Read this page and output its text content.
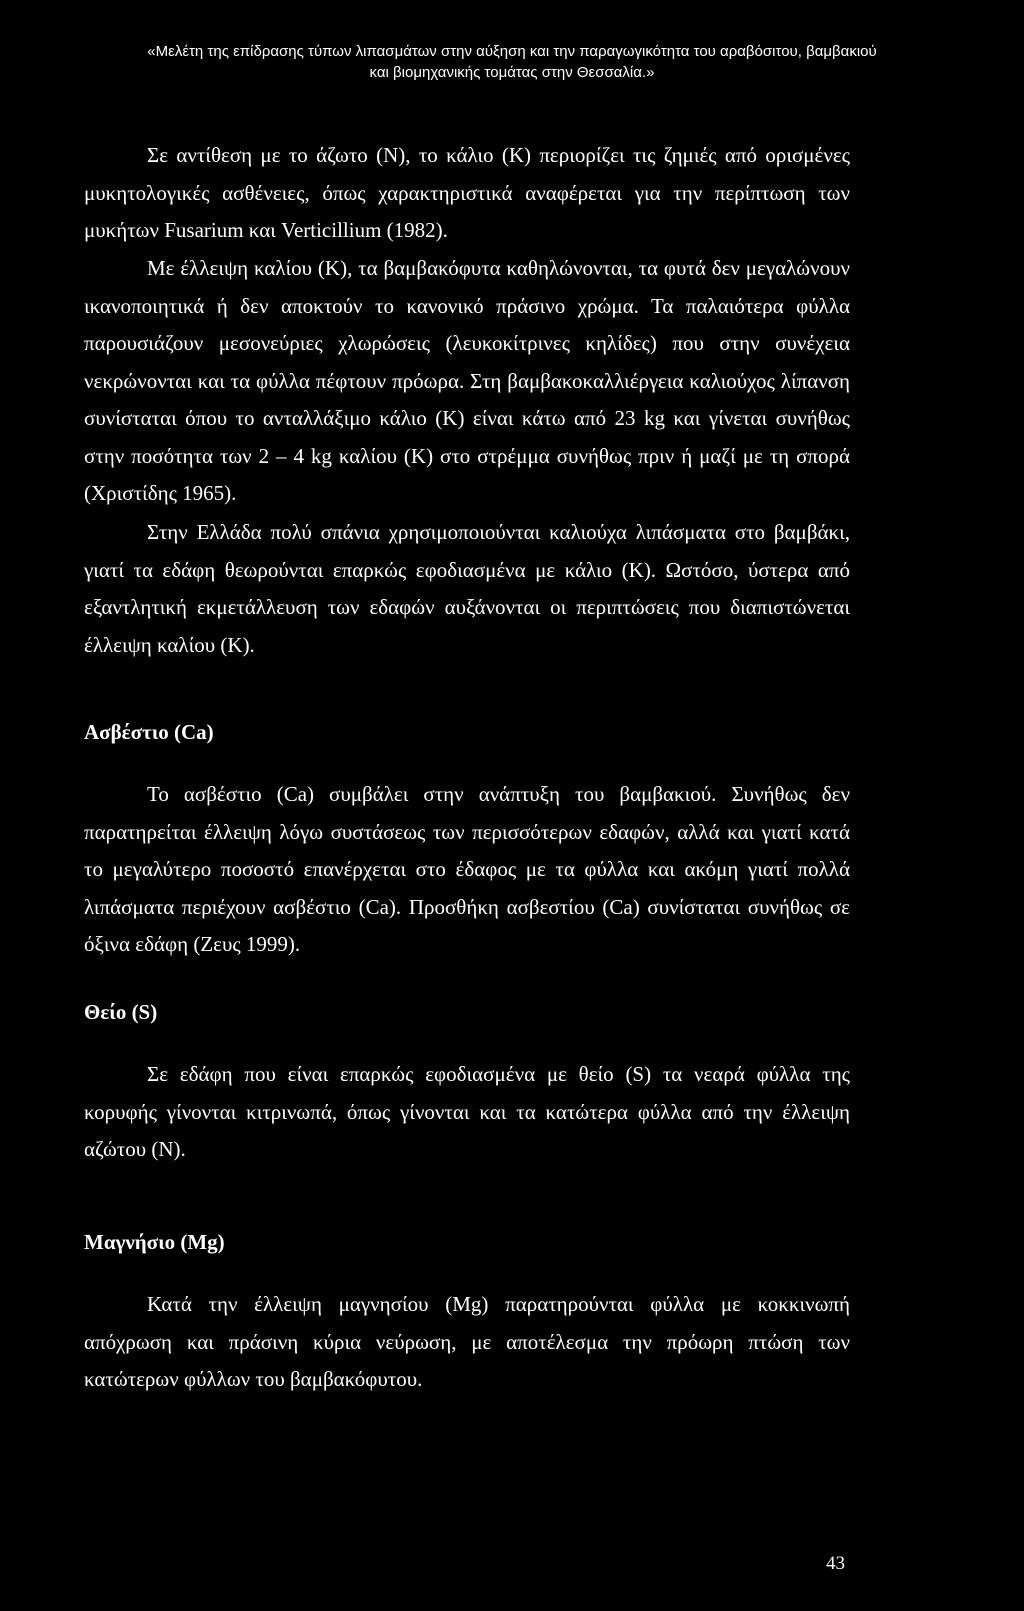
«Μελέτη της επίδρασης τύπων λιπασμάτων στην αύξηση και την παραγωγικότητα του αραβόσιτου, βαμβακιού και βιομηχανικής τομάτας στην Θεσσαλία.»

Σε αντίθεση με το άζωτο (Ν), το κάλιο (Κ) περιορίζει τις ζημιές από ορισμένες μυκητολογικές ασθένειες, όπως χαρακτηριστικά αναφέρεται για την περίπτωση των μυκήτων Fusarium και Verticillium (1982).

Με έλλειψη καλίου (Κ), τα βαμβακόφυτα καθηλώνονται, τα φυτά δεν μεγαλώνουν ικανοποιητικά ή δεν αποκτούν το κανονικό πράσινο χρώμα. Τα παλαιότερα φύλλα παρουσιάζουν μεσονεύριες χλωρώσεις (λευκοκίτρινες κηλίδες) που στην συνέχεια νεκρώνονται και τα φύλλα πέφτουν πρόωρα. Στη βαμβακοκαλλιέργεια καλιούχος λίπανση συνίσταται όπου το ανταλλάξιμο κάλιο (Κ) είναι κάτω από 23 kg και γίνεται συνήθως στην ποσότητα των 2 – 4 kg καλίου (Κ) στο στρέμμα συνήθως πριν ή μαζί με τη σπορά (Χριστίδης 1965).

Στην Ελλάδα πολύ σπάνια χρησιμοποιούνται καλιούχα λιπάσματα στο βαμβάκι, γιατί τα εδάφη θεωρούνται επαρκώς εφοδιασμένα με κάλιο (Κ). Ωστόσο, ύστερα από εξαντλητική εκμετάλλευση των εδαφών αυξάνονται οι περιπτώσεις που διαπιστώνεται έλλειψη καλίου (Κ).

Ασβέστιο (Ca)

Το ασβέστιο (Ca) συμβάλει στην ανάπτυξη του βαμβακιού. Συνήθως δεν παρατηρείται έλλειψη λόγω συστάσεως των περισσότερων εδαφών, αλλά και γιατί κατά το μεγαλύτερο ποσοστό επανέρχεται στο έδαφος με τα φύλλα και ακόμη γιατί πολλά λιπάσματα περιέχουν ασβέστιο (Ca). Προσθήκη ασβεστίου (Ca) συνίσταται συνήθως σε όξινα εδάφη (Ζευς 1999).

Θείο (S)

Σε εδάφη που είναι επαρκώς εφοδιασμένα με θείο (S) τα νεαρά φύλλα της κορυφής γίνονται κιτρινωπά, όπως γίνονται και τα κατώτερα φύλλα από την έλλειψη αζώτου (Ν).

Μαγνήσιο (Mg)

Κατά την έλλειψη μαγνησίου (Mg) παρατηρούνται φύλλα με κοκκινωπή απόχρωση και πράσινη κύρια νεύρωση, με αποτέλεσμα την πρόωρη πτώση των κατώτερων φύλλων του βαμβακόφυτου.

43
